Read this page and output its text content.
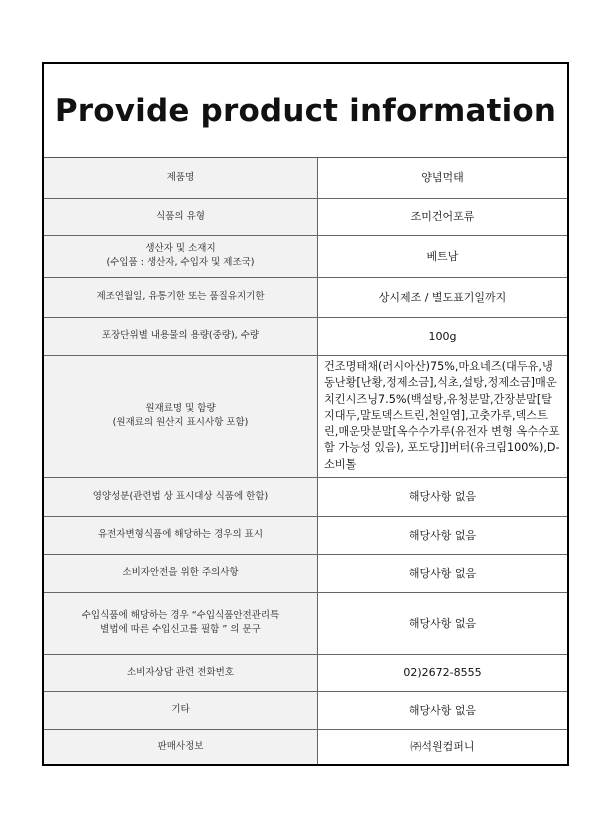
Provide product information
제품명	양념먹태

식품의 유형	조미건어포류

생산자 및 소재지
(수입품 : 생산자, 수입자 및 제조국)	베트남

제조연월일, 유통기한 또는 품질유지기한	상시제조 / 별도표기일까지

포장단위별 내용물의 용량(중량), 수량	100g

원재료명 및 함량
(원재료의 원산지 표시사항 포함)	건조명태채(러시아산)75%,마요네즈(대두유,냉동난황[난황,정제소금],식초,설탕,정제소금]매운치킨시즈닝7.5%(백설탕,유청분말,간장분말[탈지대두,말토덱스트린,천일염],고춧가루,덱스트린,매운맛분말[옥수수가루(유전자 변형 옥수수포함 가능성 있음), 포도당]]버터(유크림100%),D-소비톨

영양성분(관련법 상 표시대상 식품에 한함)	해당사항 없음

유전자변형식품에 해당하는 경우의 표시	해당사항 없음

소비자안전을 위한 주의사항	해당사항 없음

수입식품에 해당하는 경우 “수입식품안전관리특
별법에 따른 수입신고를 필함 ” 의 문구	해당사항 없음

소비자상담 관련 전화번호	02)2672-8555

기타	해당사항 없음

판매사정보	㈜석원컴퍼니
